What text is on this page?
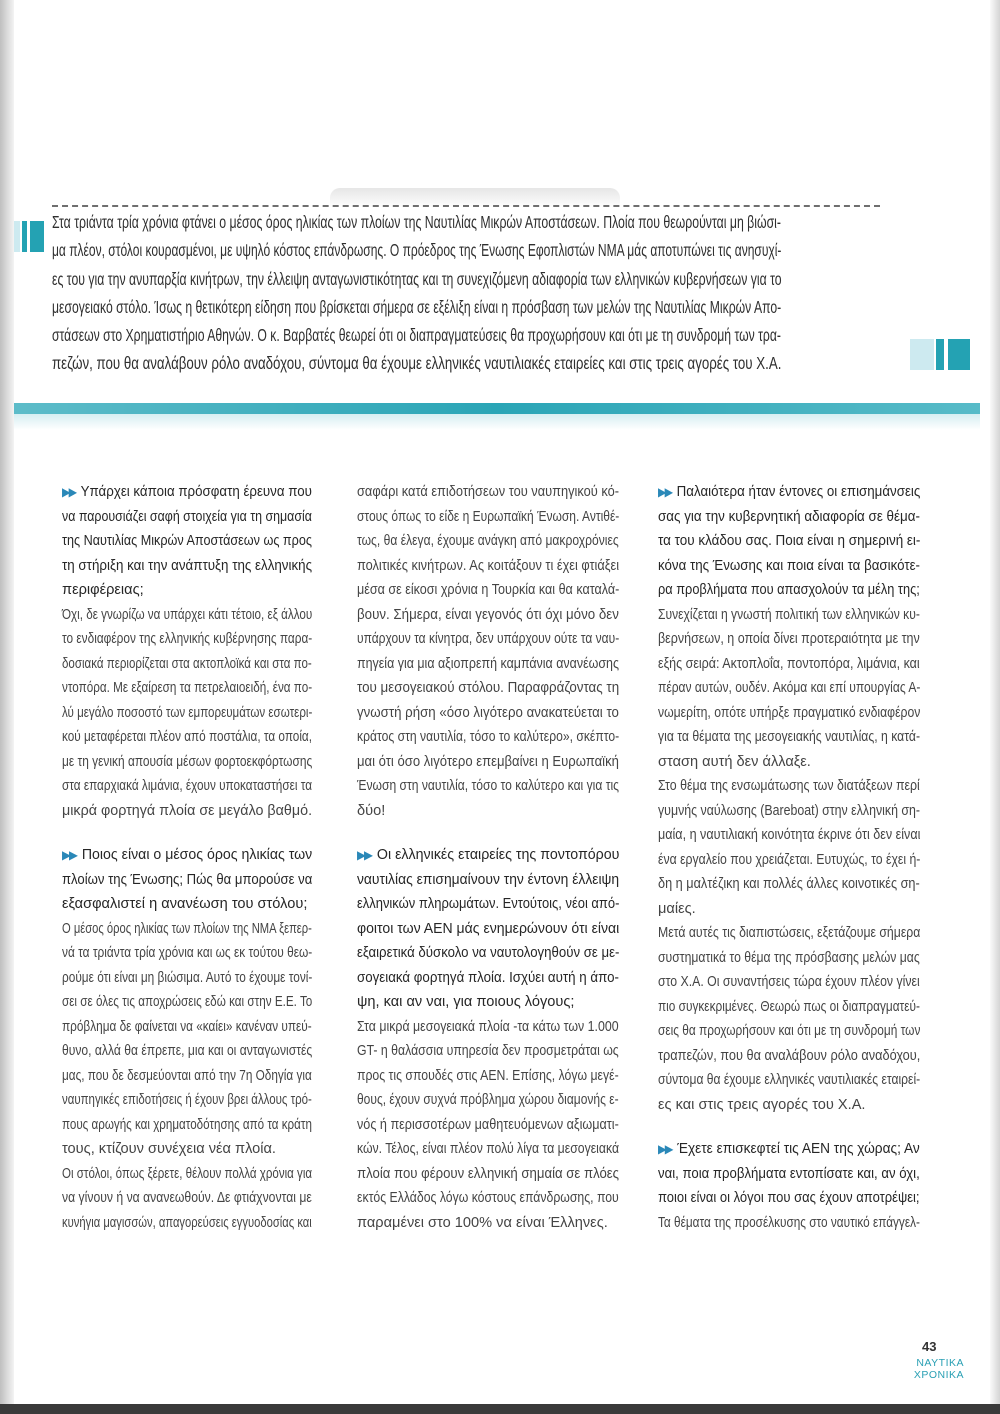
Στα τριάντα τρία χρόνια φτάνει ο μέσος όρος ηλικίας των πλοίων της Ναυτιλίας Μικρών Αποστάσεων. Πλοία που θεωρούνται μη βιώσι-
μα πλέον, στόλοι κουρασμένοι, με υψηλό κόστος επάνδρωσης. Ο πρόεδρος της Ένωσης Εφοπλιστών ΝΜΑ μάς αποτυπώνει τις ανησυχί-
ες του για την ανυπαρξία κινήτρων, την έλλειψη ανταγωνιστικότητας και τη συνεχιζόμενη αδιαφορία των ελληνικών κυβερνήσεων για το
μεσογειακό στόλο. Ίσως η θετικότερη είδηση που βρίσκεται σήμερα σε εξέλιξη είναι η πρόσβαση των μελών της Ναυτιλίας Μικρών Απο-
στάσεων στο Χρηματιστήριο Αθηνών. Ο κ. Βαρβατές θεωρεί ότι οι διαπραγματεύσεις θα προχωρήσουν και ότι με τη συνδρομή των τρα-
πεζών, που θα αναλάβουν ρόλο αναδόχου, σύντομα θα έχουμε ελληνικές ναυτιλιακές εταιρείες και στις τρεις αγορές του Χ.Α.

▶▶ Υπάρχει κάποια πρόσφατη έρευνα που
να παρουσιάζει σαφή στοιχεία για τη σημασία
της Ναυτιλίας Μικρών Αποστάσεων ως προς
τη στήριξη και την ανάπτυξη της ελληνικής
περιφέρειας;

Όχι, δε γνωρίζω να υπάρχει κάτι τέτοιο, εξ άλλου
το ενδιαφέρον της ελληνικής κυβέρνησης παρα-
δοσιακά περιορίζεται στα ακτοπλοϊκά και στα πο-
ντοπόρα. Με εξαίρεση τα πετρελαιοειδή, ένα πο-
λύ μεγάλο ποσοστό των εμπορευμάτων εσωτερι-
κού μεταφέρεται πλέον από ποστάλια, τα οποία,
με τη γενική απουσία μέσων φορτοεκφόρτωσης
στα επαρχιακά λιμάνια, έχουν υποκαταστήσει τα
μικρά φορτηγά πλοία σε μεγάλο βαθμό.

▶▶ Ποιος είναι ο μέσος όρος ηλικίας των
πλοίων της Ένωσης; Πώς θα μπορούσε να
εξασφαλιστεί η ανανέωση του στόλου;

Ο μέσος όρος ηλικίας των πλοίων της ΝΜΑ ξεπερ-
νά τα τριάντα τρία χρόνια και ως εκ τούτου θεω-
ρούμε ότι είναι μη βιώσιμα. Αυτό το έχουμε τονί-
σει σε όλες τις αποχρώσεις εδώ και στην Ε.Ε. Το
πρόβλημα δε φαίνεται να «καίει» κανέναν υπεύ-
θυνο, αλλά θα έπρεπε, μια και οι ανταγωνιστές
μας, που δε δεσμεύονται από την 7η Οδηγία για
ναυπηγικές επιδοτήσεις ή έχουν βρει άλλους τρό-
πους αρωγής και χρηματοδότησης από τα κράτη
τους, κτίζουν συνέχεια νέα πλοία.

Οι στόλοι, όπως ξέρετε, θέλουν πολλά χρόνια για
να γίνουν ή να ανανεωθούν. Δε φτιάχνονται με
κυνήγια μαγισσών, απαγορεύσεις εγγυοδοσίας και

σαφάρι κατά επιδοτήσεων του ναυπηγικού κό-
στους όπως το είδε η Ευρωπαϊκή Ένωση. Αντιθέ-
τως, θα έλεγα, έχουμε ανάγκη από μακροχρόνιες
πολιτικές κινήτρων. Ας κοιτάξουν τι έχει φτιάξει
μέσα σε είκοσι χρόνια η Τουρκία και θα καταλά-
βουν. Σήμερα, είναι γεγονός ότι όχι μόνο δεν
υπάρχουν τα κίνητρα, δεν υπάρχουν ούτε τα ναυ-
πηγεία για μια αξιοπρεπή καμπάνια ανανέωσης
του μεσογειακού στόλου. Παραφράζοντας τη
γνωστή ρήση «όσο λιγότερο ανακατεύεται το
κράτος στη ναυτιλία, τόσο το καλύτερο», σκέπτο-
μαι ότι όσο λιγότερο επεμβαίνει η Ευρωπαϊκή
Ένωση στη ναυτιλία, τόσο το καλύτερο και για τις
δύο!

▶▶ Οι ελληνικές εταιρείες της ποντοπόρου
ναυτιλίας επισημαίνουν την έντονη έλλειψη
ελληνικών πληρωμάτων. Εντούτοις, νέοι από-
φοιτοι των ΑΕΝ μάς ενημερώνουν ότι είναι
εξαιρετικά δύσκολο να ναυτολογηθούν σε με-
σογειακά φορτηγά πλοία. Ισχύει αυτή η άπο-
ψη, και αν ναι, για ποιους λόγους;

Στα μικρά μεσογειακά πλοία -τα κάτω των 1.000
GT- η θαλάσσια υπηρεσία δεν προσμετράται ως
προς τις σπουδές στις ΑΕΝ. Επίσης, λόγω μεγέ-
θους, έχουν συχνά πρόβλημα χώρου διαμονής ε-
νός ή περισσοτέρων μαθητευόμενων αξιωματι-
κών. Τέλος, είναι πλέον πολύ λίγα τα μεσογειακά
πλοία που φέρουν ελληνική σημαία σε πλόες
εκτός Ελλάδος λόγω κόστους επάνδρωσης, που
παραμένει στο 100% να είναι Έλληνες.

▶▶ Παλαιότερα ήταν έντονες οι επισημάνσεις
σας για την κυβερνητική αδιαφορία σε θέμα-
τα του κλάδου σας. Ποια είναι η σημερινή ει-
κόνα της Ένωσης και ποια είναι τα βασικότε-
ρα προβλήματα που απασχολούν τα μέλη της;

Συνεχίζεται η γνωστή πολιτική των ελληνικών κυ-
βερνήσεων, η οποία δίνει προτεραιότητα με την
εξής σειρά: Ακτοπλοΐα, ποντοπόρα, λιμάνια, και
πέραν αυτών, ουδέν. Ακόμα και επί υπουργίας Α-
νωμερίτη, οπότε υπήρξε πραγματικό ενδιαφέρον
για τα θέματα της μεσογειακής ναυτιλίας, η κατά-
σταση αυτή δεν άλλαξε.

Στο θέμα της ενσωμάτωσης των διατάξεων περί
γυμνής ναύλωσης (Bareboat) στην ελληνική ση-
μαία, η ναυτιλιακή κοινότητα έκρινε ότι δεν είναι
ένα εργαλείο που χρειάζεται. Ευτυχώς, το έχει ή-
δη η μαλτέζικη και πολλές άλλες κοινοτικές ση-
μαίες.

Μετά αυτές τις διαπιστώσεις, εξετάζουμε σήμερα
συστηματικά το θέμα της πρόσβασης μελών μας
στο Χ.Α. Οι συναντήσεις τώρα έχουν πλέον γίνει
πιο συγκεκριμένες. Θεωρώ πως οι διαπραγματεύ-
σεις θα προχωρήσουν και ότι με τη συνδρομή των
τραπεζών, που θα αναλάβουν ρόλο αναδόχου,
σύντομα θα έχουμε ελληνικές ναυτιλιακές εταιρεί-
ες και στις τρεις αγορές του Χ.Α.

▶▶ Έχετε επισκεφτεί τις ΑΕΝ της χώρας; Αν
ναι, ποια προβλήματα εντοπίσατε και, αν όχι,
ποιοι είναι οι λόγοι που σας έχουν αποτρέψει;

Τα θέματα της προσέλκυσης στο ναυτικό επάγγελ-

43
ΝΑΥΤΙΚΑ
ΧΡΟΝΙΚΑ
